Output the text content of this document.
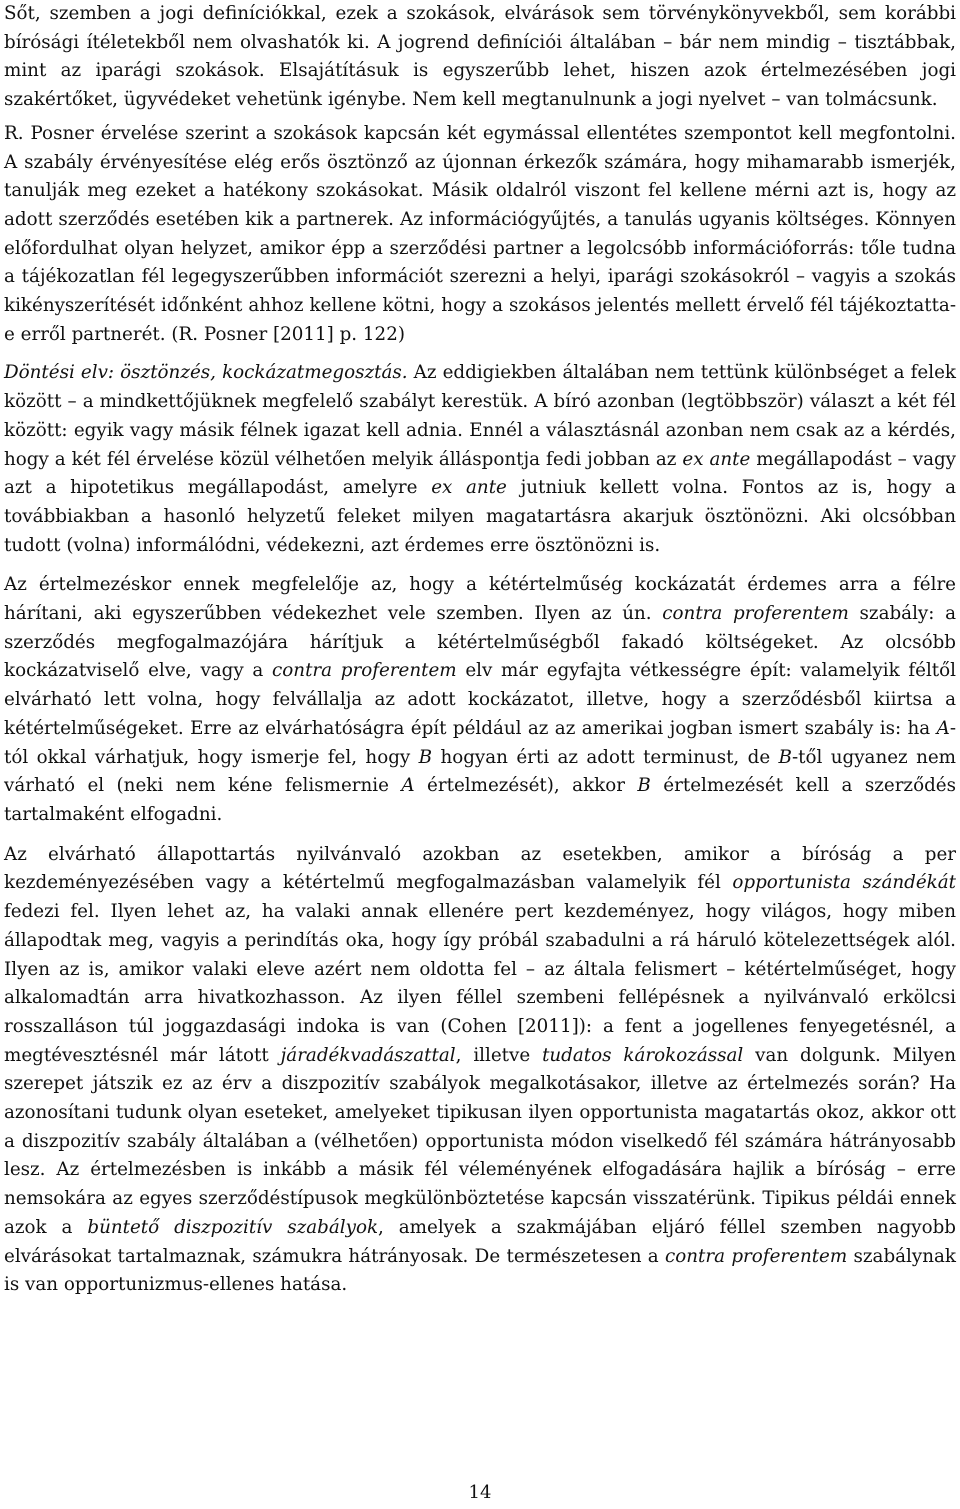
Sőt, szemben a jogi definíciókkal, ezek a szokások, elvárások sem törvénykönyvekből, sem korábbi bírósági ítéletekből nem olvashatók ki. A jogrend definíciói általában – bár nem mindig – tisztábbak, mint az iparági szokások. Elsajátításuk is egyszerűbb lehet, hiszen azok értelmezésében jogi szakértőket, ügyvédeket vehetünk igénybe. Nem kell megtanulnunk a jogi nyelvet – van tolmácsunk.

R. Posner érvelése szerint a szokások kapcsán két egymással ellentétes szempontot kell megfontolni. A szabály érvényesítése elég erős ösztönző az újonnan érkezők számára, hogy mihamarabb ismerjék, tanulják meg ezeket a hatékony szokásokat. Másik oldalról viszont fel kellene mérni azt is, hogy az adott szerződés esetében kik a partnerek. Az információgyűjtés, a tanulás ugyanis költséges. Könnyen előfordulhat olyan helyzet, amikor épp a szerződési partner a legolcsóbb információforrás: tőle tudna a tájékozatlan fél legegyszerűbben információt szerezni a helyi, iparági szokásokról – vagyis a szokás kikényszerítését időnként ahhoz kellene kötni, hogy a szokásos jelentés mellett érvelő fél tájékoztatta-e erről partnerét. (R. Posner [2011] p. 122)

Döntési elv: ösztönzés, kockázatmegosztás. Az eddigiekben általában nem tettünk különbséget a felek között – a mindkettőjüknek megfelelő szabályt kerestük. A bíró azonban (legtöbbször) választ a két fél között: egyik vagy másik félnek igazat kell adnia. Ennél a választásnál azonban nem csak az a kérdés, hogy a két fél érvelése közül vélhetően melyik álláspontja fedi jobban az ex ante megállapodást – vagy azt a hipotetikus megállapodást, amelyre ex ante jutniuk kellett volna. Fontos az is, hogy a továbbiakban a hasonló helyzetű feleket milyen magatartásra akarjuk ösztönözni. Aki olcsóbban tudott (volna) informálódni, védekezni, azt érdemes erre ösztönözni is.

Az értelmezéskor ennek megfelelője az, hogy a kétértelműség kockázatát érdemes arra a félre hárítani, aki egyszerűbben védekezhet vele szemben. Ilyen az ún. contra proferentem szabály: a szerződés megfogalmazójára hárítjuk a kétértelműségből fakadó költségeket. Az olcsóbb kockázatviselő elve, vagy a contra proferentem elv már egyfajta vétkességre épít: valamelyik féltől elvárható lett volna, hogy felvállalja az adott kockázatot, illetve, hogy a szerződésből kiirtsa a kétértelműségeket. Erre az elvárhatóságra épít például az az amerikai jogban ismert szabály is: ha A-tól okkal várhatjuk, hogy ismerje fel, hogy B hogyan érti az adott terminust, de B-től ugyanez nem várható el (neki nem kéne felismernie A értelmezését), akkor B értelmezését kell a szerződés tartalmaként elfogadni.

Az elvárható állapottartás nyilvánvaló azokban az esetekben, amikor a bíróság a per kezdeményezésében vagy a kétértelmű megfogalmazásban valamelyik fél opportunista szándékát fedezi fel. Ilyen lehet az, ha valaki annak ellenére pert kezdeményez, hogy világos, hogy miben állapodtak meg, vagyis a perindítás oka, hogy így próbál szabadulni a rá háruló kötelezettségek alól. Ilyen az is, amikor valaki eleve azért nem oldotta fel – az általa felismert – kétértelműséget, hogy alkalomadtán arra hivatkozhasson. Az ilyen féllel szembeni fellépésnek a nyilvánvaló erkölcsi rosszalláson túl joggazdasági indoka is van (Cohen [2011]): a fent a jogellenes fenyegetésnél, a megtévesztésnél már látott járadékvadászattal, illetve tudatos károkozással van dolgunk. Milyen szerepet játszik ez az érv a diszpozitív szabályok megalkotásakor, illetve az értelmezés során? Ha azonosítani tudunk olyan eseteket, amelyeket tipikusan ilyen opportunista magatartás okoz, akkor ott a diszpozitív szabály általában a (vélhetően) opportunista módon viselkedő fél számára hátrányosabb lesz. Az értelmezésben is inkább a másik fél véleményének elfogadására hajlik a bíróság – erre nemsokára az egyes szerződéstípusok megkülönböztetése kapcsán visszatérünk. Tipikus példái ennek azok a büntető diszpozitív szabályok, amelyek a szakmájában eljáró féllel szemben nagyobb elvárásokat tartalmaznak, számukra hátrányosak. De természetesen a contra proferentem szabálynak is van opportunizmus-ellenes hatása.

14
